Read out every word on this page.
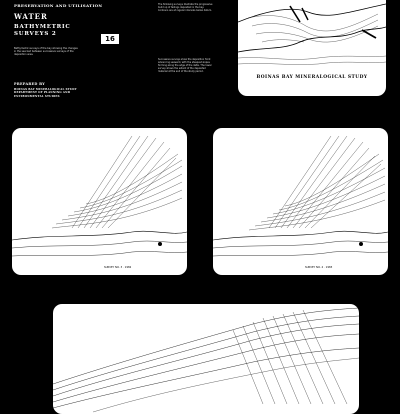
PRESERVATION AND UTILISATION
WATER
BATHYMETRIC SURVEYS 2
16
Bathymetric surveys of the bay showing the changes in the sea bed between successive surveys of the deposition area.
PREPARED BY
BOINAS BAY MINERALOGICAL STUDY
DEPARTMENT OF PLANNING AND
ENVIRONMENTAL STUDIES
The following surveys illustrate the progressive build up of tailings deposited in the bay. Contours are at regular intervals below datum.
Successive surveys show the deposition front advancing seaward, with the steepest slopes forming along the edge of the delta. The lower survey shows the extent of the deposited material at the end of the study period.
BOINAS BAY MINERALOGICAL STUDY
SURVEY NO. 3 · 1982	SURVEY NO. 4 · 1983
